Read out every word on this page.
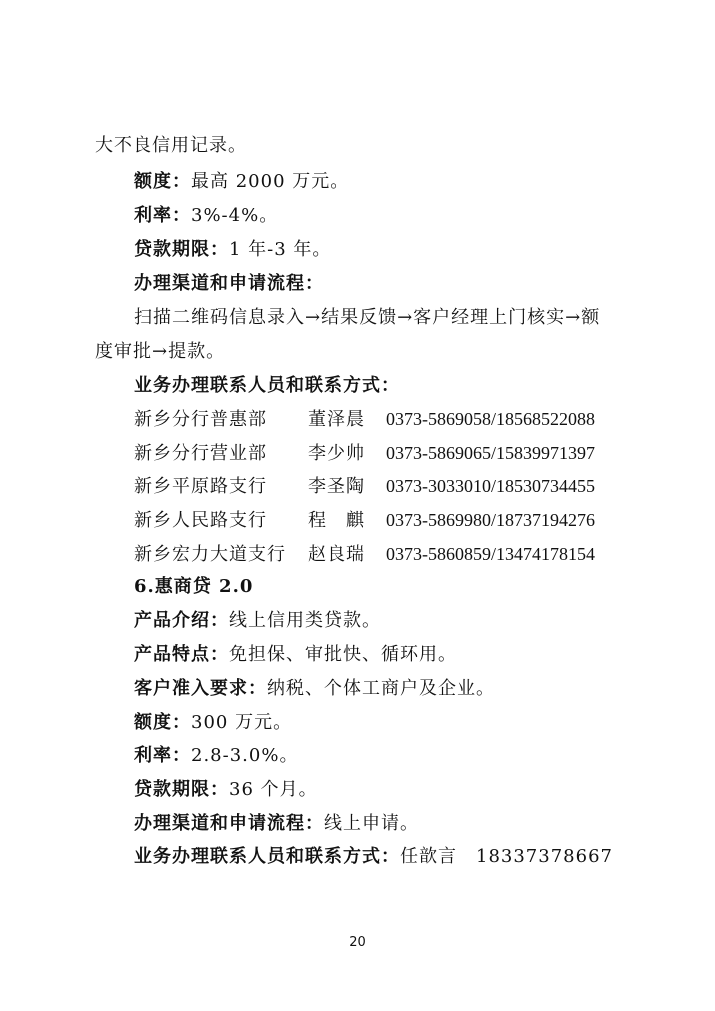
大不良信用记录。
额度：最高 2000 万元。
利率：3%-4%。
贷款期限：1 年-3 年。
办理渠道和申请流程：
扫描二维码信息录入→结果反馈→客户经理上门核实→额
度审批→提款。
业务办理联系人员和联系方式：
新乡分行普惠部 董泽晨 0373-5869058/18568522088
新乡分行营业部 李少帅 0373-5869065/15839971397
新乡平原路支行 李圣陶 0373-3033010/18530734455
新乡人民路支行 程　麒 0373-5869980/18737194276
新乡宏力大道支行 赵良瑞 0373-5860859/13474178154
6.惠商贷 2.0
产品介绍：线上信用类贷款。
产品特点：免担保、审批快、循环用。
客户准入要求：纳税、个体工商户及企业。
额度：300 万元。
利率：2.8-3.0%。
贷款期限：36 个月。
办理渠道和申请流程：线上申请。
业务办理联系人员和联系方式：任歆言　18337378667
20
